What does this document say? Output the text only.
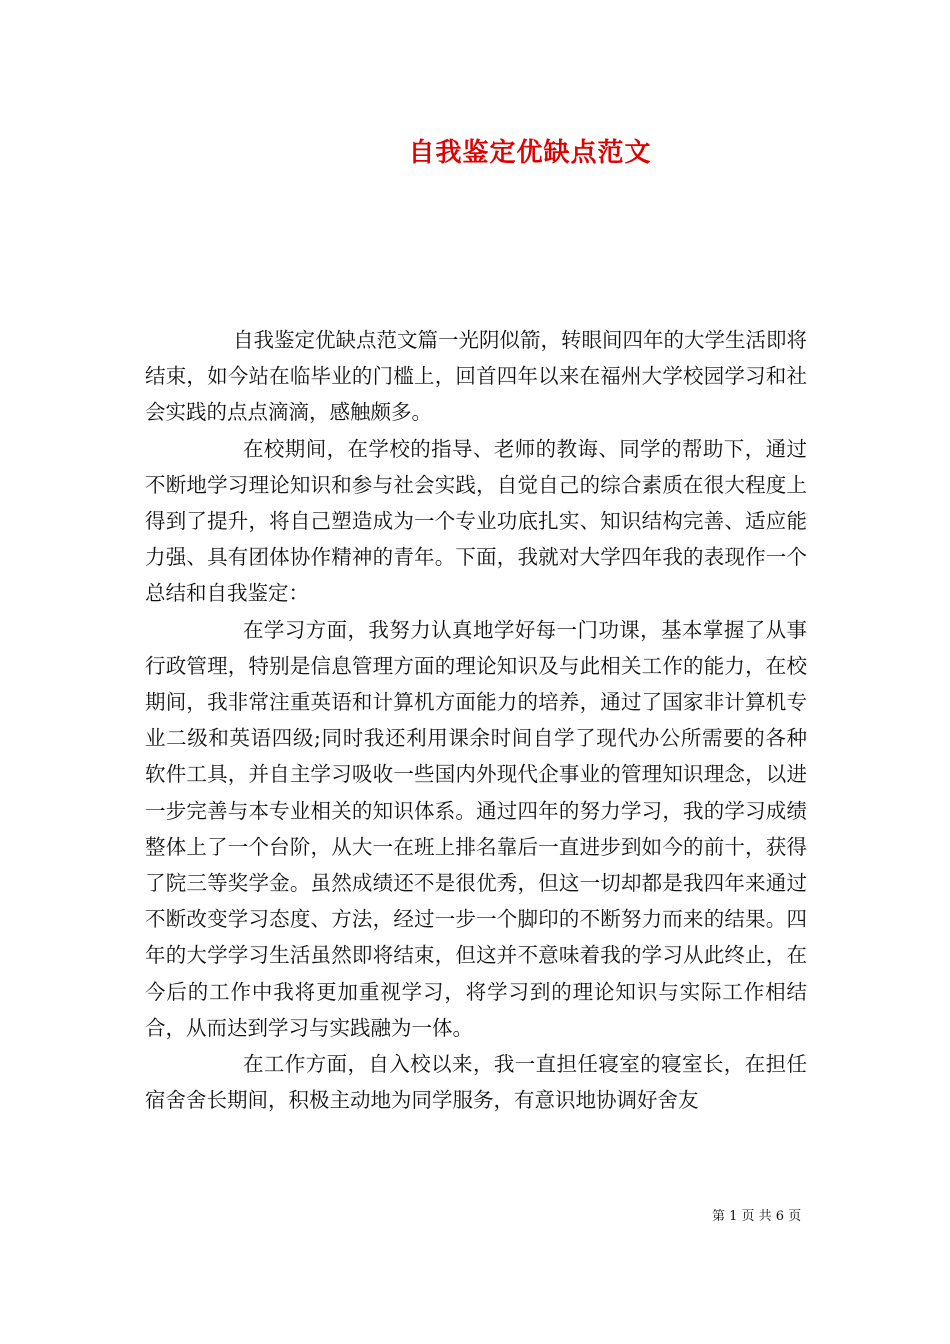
自我鉴定优缺点范文

自我鉴定优缺点范文篇一光阴似箭，转眼间四年的大学生活即将结束，如今站在临毕业的门槛上，回首四年以来在福州大学校园学习和社会实践的点点滴滴，感触颇多。

在校期间，在学校的指导、老师的教诲、同学的帮助下，通过不断地学习理论知识和参与社会实践，自觉自己的综合素质在很大程度上得到了提升，将自己塑造成为一个专业功底扎实、知识结构完善、适应能力强、具有团体协作精神的青年。下面，我就对大学四年我的表现作一个总结和自我鉴定：

在学习方面，我努力认真地学好每一门功课，基本掌握了从事行政管理，特别是信息管理方面的理论知识及与此相关工作的能力，在校期间，我非常注重英语和计算机方面能力的培养，通过了国家非计算机专业二级和英语四级;同时我还利用课余时间自学了现代办公所需要的各种软件工具，并自主学习吸收一些国内外现代企事业的管理知识理念，以进一步完善与本专业相关的知识体系。通过四年的努力学习，我的学习成绩整体上了一个台阶，从大一在班上排名靠后一直进步到如今的前十，获得了院三等奖学金。虽然成绩还不是很优秀，但这一切却都是我四年来通过不断改变学习态度、方法，经过一步一个脚印的不断努力而来的结果。四年的大学学习生活虽然即将结束，但这并不意味着我的学习从此终止，在今后的工作中我将更加重视学习，将学习到的理论知识与实际工作相结合，从而达到学习与实践融为一体。

在工作方面，自入校以来，我一直担任寝室的寝室长，在担任宿舍舍长期间，积极主动地为同学服务，有意识地协调好舍友

第 1 页 共 6 页
